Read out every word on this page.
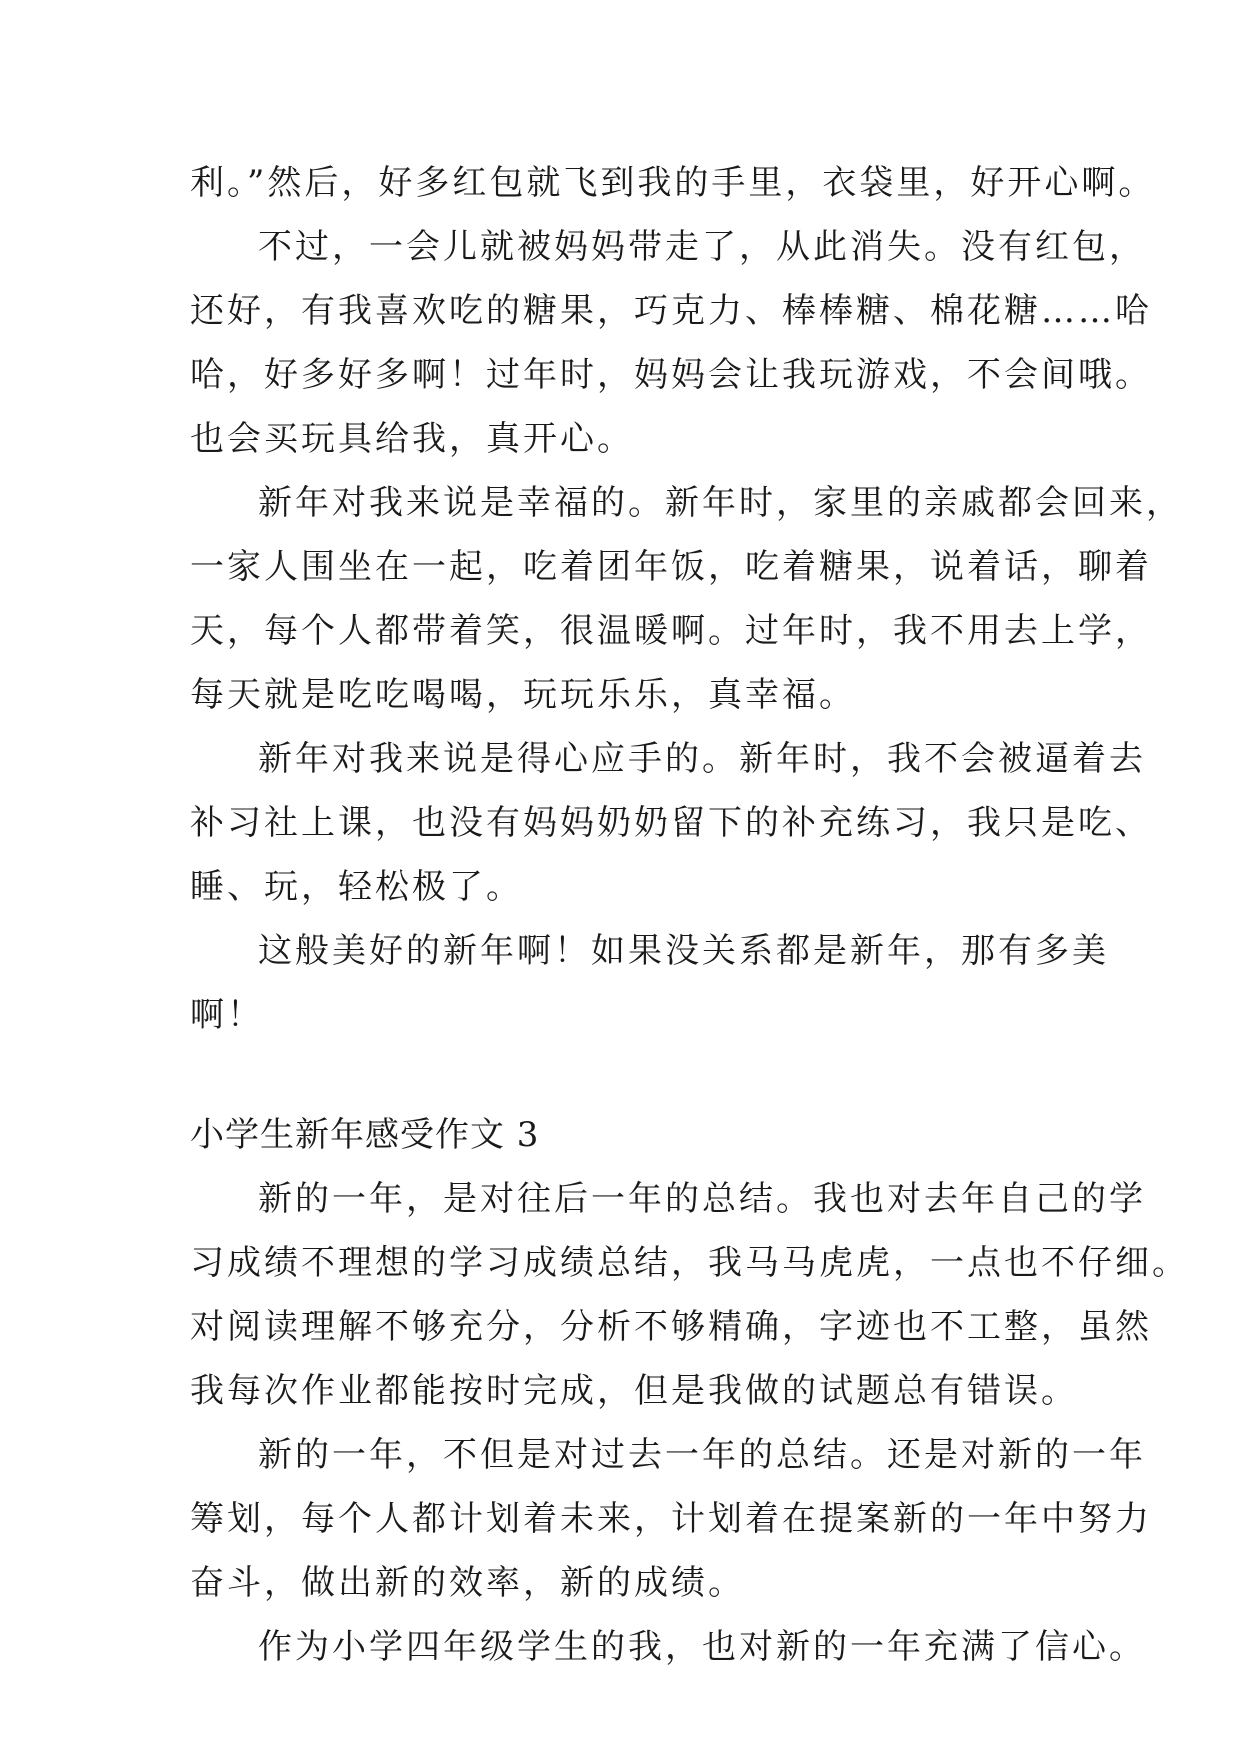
利。”然后，好多红包就飞到我的手里，衣袋里，好开心啊。
不过，一会儿就被妈妈带走了，从此消失。没有红包，
还好，有我喜欢吃的糖果，巧克力、棒棒糖、棉花糖……哈
哈，好多好多啊！过年时，妈妈会让我玩游戏，不会间哦。
也会买玩具给我，真开心。
新年对我来说是幸福的。新年时，家里的亲戚都会回来，
一家人围坐在一起，吃着团年饭，吃着糖果，说着话，聊着
天，每个人都带着笑，很温暖啊。过年时，我不用去上学，
每天就是吃吃喝喝，玩玩乐乐，真幸福。
新年对我来说是得心应手的。新年时，我不会被逼着去
补习社上课，也没有妈妈奶奶留下的补充练习，我只是吃、
睡、玩，轻松极了。
这般美好的新年啊！如果没关系都是新年，那有多美
啊！
小学生新年感受作文 3
新的一年，是对往后一年的总结。我也对去年自己的学
习成绩不理想的学习成绩总结，我马马虎虎，一点也不仔细。
对阅读理解不够充分，分析不够精确，字迹也不工整，虽然
我每次作业都能按时完成，但是我做的试题总有错误。
新的一年，不但是对过去一年的总结。还是对新的一年
筹划，每个人都计划着未来，计划着在提案新的一年中努力
奋斗，做出新的效率，新的成绩。
作为小学四年级学生的我，也对新的一年充满了信心。
